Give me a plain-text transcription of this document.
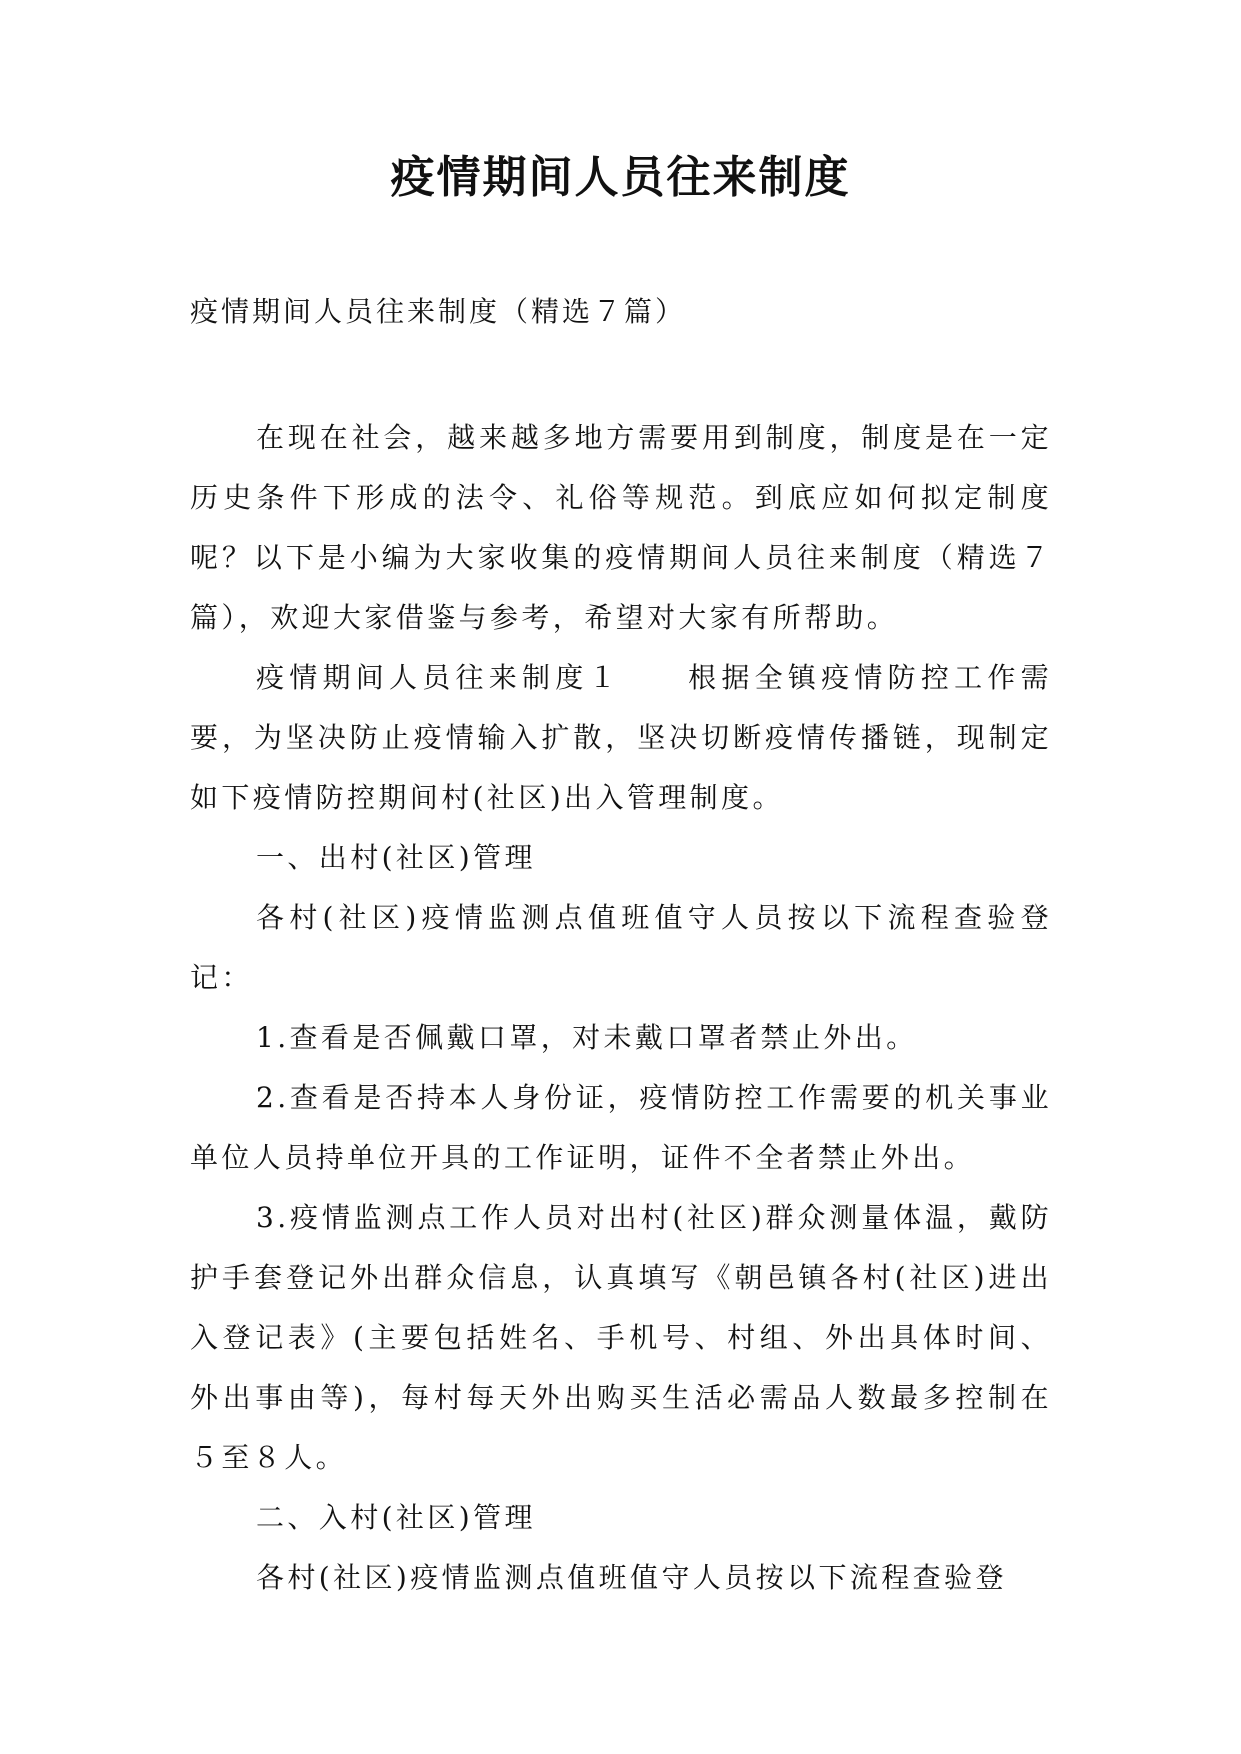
疫情期间人员往来制度

疫情期间人员往来制度（精选７篇）

在现在社会，越来越多地方需要用到制度，制度是在一定历史条件下形成的法令、礼俗等规范。到底应如何拟定制度呢？以下是小编为大家收集的疫情期间人员往来制度（精选７篇），欢迎大家借鉴与参考，希望对大家有所帮助。

疫情期间人员往来制度１　　根据全镇疫情防控工作需要，为坚决防止疫情输入扩散，坚决切断疫情传播链，现制定如下疫情防控期间村(社区)出入管理制度。

一、出村(社区)管理

各村(社区)疫情监测点值班值守人员按以下流程查验登记：

1.查看是否佩戴口罩，对未戴口罩者禁止外出。

2.查看是否持本人身份证，疫情防控工作需要的机关事业单位人员持单位开具的工作证明，证件不全者禁止外出。

3.疫情监测点工作人员对出村(社区)群众测量体温，戴防护手套登记外出群众信息，认真填写《朝邑镇各村(社区)进出入登记表》(主要包括姓名、手机号、村组、外出具体时间、外出事由等)，每村每天外出购买生活必需品人数最多控制在５至８人。

二、入村(社区)管理

各村(社区)疫情监测点值班值守人员按以下流程查验登
